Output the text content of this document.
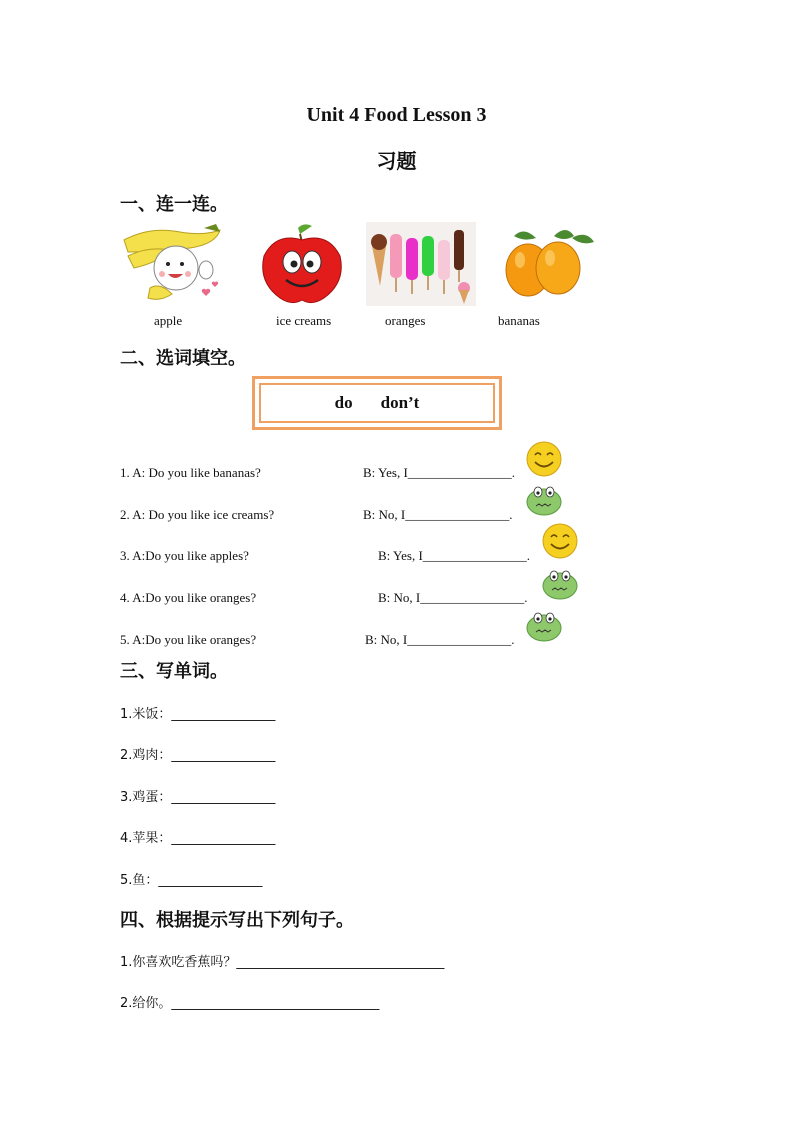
Unit 4 Food Lesson 3
习题
一、连一连。
apple	ice creams	oranges	bananas
二、选词填空。
do don’t
1. A: Do you like bananas?	B: Yes, I________________.
2. A: Do you like ice creams?	B: No, I________________.
3. A:Do you like apples?	B: Yes, I________________.
4. A:Do you like oranges?	B: No, I________________.
5. A:Do you like oranges?	B: No, I________________.
三、写单词。
1.米饭：________________
2.鸡肉：________________
3.鸡蛋：________________
4.苹果：________________
5.鱼：________________
四、根据提示写出下列句子。
1.你喜欢吃香蕉吗？________________________________
2.给你。________________________________
